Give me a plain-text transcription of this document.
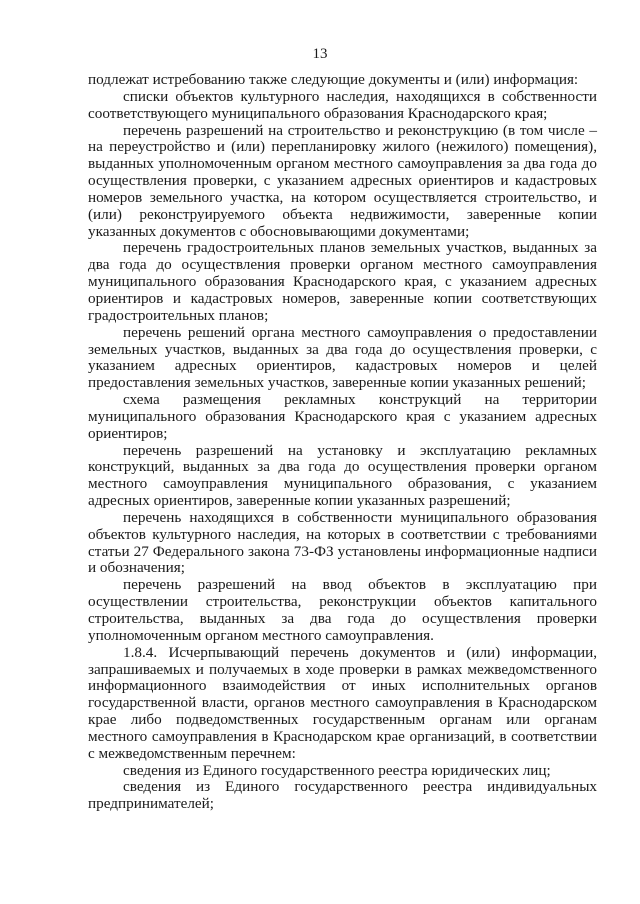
13

подлежат истребованию также следующие документы и (или) информация:

списки объектов культурного наследия, находящихся в собственности соответствующего муниципального образования Краснодарского края;

перечень разрешений на строительство и реконструкцию (в том числе – на переустройство и (или) перепланировку жилого (нежилого) помещения), выданных уполномоченным органом местного самоуправления за два года до осуществления проверки, с указанием адресных ориентиров и кадастровых номеров земельного участка, на котором осуществляется строительство, и (или) реконструируемого объекта недвижимости, заверенные копии указанных документов с обосновывающими документами;

перечень градостроительных планов земельных участков, выданных за два года до осуществления проверки органом местного самоуправления муниципального образования Краснодарского края, с указанием адресных ориентиров и кадастровых номеров, заверенные копии соответствующих градостроительных планов;

перечень решений органа местного самоуправления о предоставлении земельных участков, выданных за два года до осуществления проверки, с указанием адресных ориентиров, кадастровых номеров и целей предоставления земельных участков, заверенные копии указанных решений;

схема размещения рекламных конструкций на территории муниципального образования Краснодарского края с указанием адресных ориентиров;

перечень разрешений на установку и эксплуатацию рекламных конструкций, выданных за два года до осуществления проверки органом местного самоуправления муниципального образования, с указанием адресных ориентиров, заверенные копии указанных разрешений;

перечень находящихся в собственности муниципального образования объектов культурного наследия, на которых в соответствии с требованиями статьи 27 Федерального закона 73-ФЗ установлены информационные надписи и обозначения;

перечень разрешений на ввод объектов в эксплуатацию при осуществлении строительства, реконструкции объектов капитального строительства, выданных за два года до осуществления проверки уполномоченным органом местного самоуправления.

1.8.4. Исчерпывающий перечень документов и (или) информации, запрашиваемых и получаемых в ходе проверки в рамках межведомственного информационного взаимодействия от иных исполнительных органов государственной власти, органов местного самоуправления в Краснодарском крае либо подведомственных государственным органам или органам местного самоуправления в Краснодарском крае организаций, в соответствии с межведомственным перечнем:

сведения из Единого государственного реестра юридических лиц;

сведения из Единого государственного реестра индивидуальных предпринимателей;
